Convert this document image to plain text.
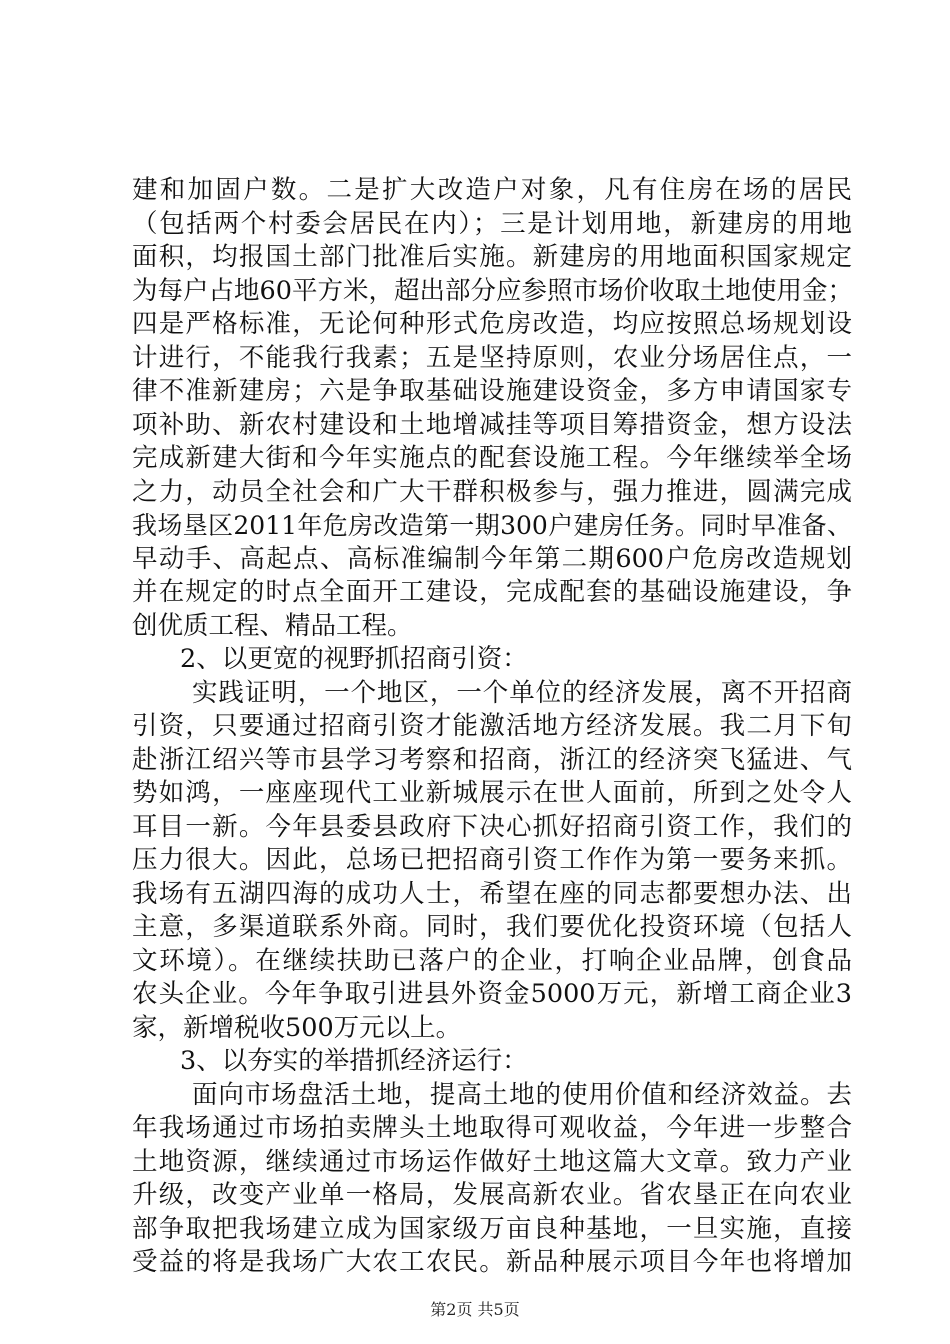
建和加固户数。二是扩大改造户对象，凡有住房在场的居民
（包括两个村委会居民在内）；三是计划用地，新建房的用地
面积，均报国土部门批准后实施。新建房的用地面积国家规定
为每户占地60平方米，超出部分应参照市场价收取土地使用金；
四是严格标准，无论何种形式危房改造，均应按照总场规划设
计进行，不能我行我素；五是坚持原则，农业分场居住点，一
律不准新建房；六是争取基础设施建设资金，多方申请国家专
项补助、新农村建设和土地增减挂等项目筹措资金，想方设法
完成新建大街和今年实施点的配套设施工程。今年继续举全场
之力，动员全社会和广大干群积极参与，强力推进，圆满完成
我场垦区2011年危房改造第一期300户建房任务。同时早准备、
早动手、高起点、高标准编制今年第二期600户危房改造规划
并在规定的时点全面开工建设，完成配套的基础设施建设，争
创优质工程、精品工程。
2、以更宽的视野抓招商引资：
实践证明，一个地区，一个单位的经济发展，离不开招商
引资，只要通过招商引资才能激活地方经济发展。我二月下旬
赴浙江绍兴等市县学习考察和招商，浙江的经济突飞猛进、气
势如鸿，一座座现代工业新城展示在世人面前，所到之处令人
耳目一新。今年县委县政府下决心抓好招商引资工作，我们的
压力很大。因此，总场已把招商引资工作作为第一要务来抓。
我场有五湖四海的成功人士，希望在座的同志都要想办法、出
主意，多渠道联系外商。同时，我们要优化投资环境（包括人
文环境）。在继续扶助已落户的企业，打响企业品牌，创食品
农头企业。今年争取引进县外资金5000万元，新增工商企业3
家，新增税收500万元以上。
3、以夯实的举措抓经济运行：
面向市场盘活土地，提高土地的使用价值和经济效益。去
年我场通过市场拍卖牌头土地取得可观收益，今年进一步整合
土地资源，继续通过市场运作做好土地这篇大文章。致力产业
升级，改变产业单一格局，发展高新农业。省农垦正在向农业
部争取把我场建立成为国家级万亩良种基地，一旦实施，直接
受益的将是我场广大农工农民。新品种展示项目今年也将增加
第2页 共5页
